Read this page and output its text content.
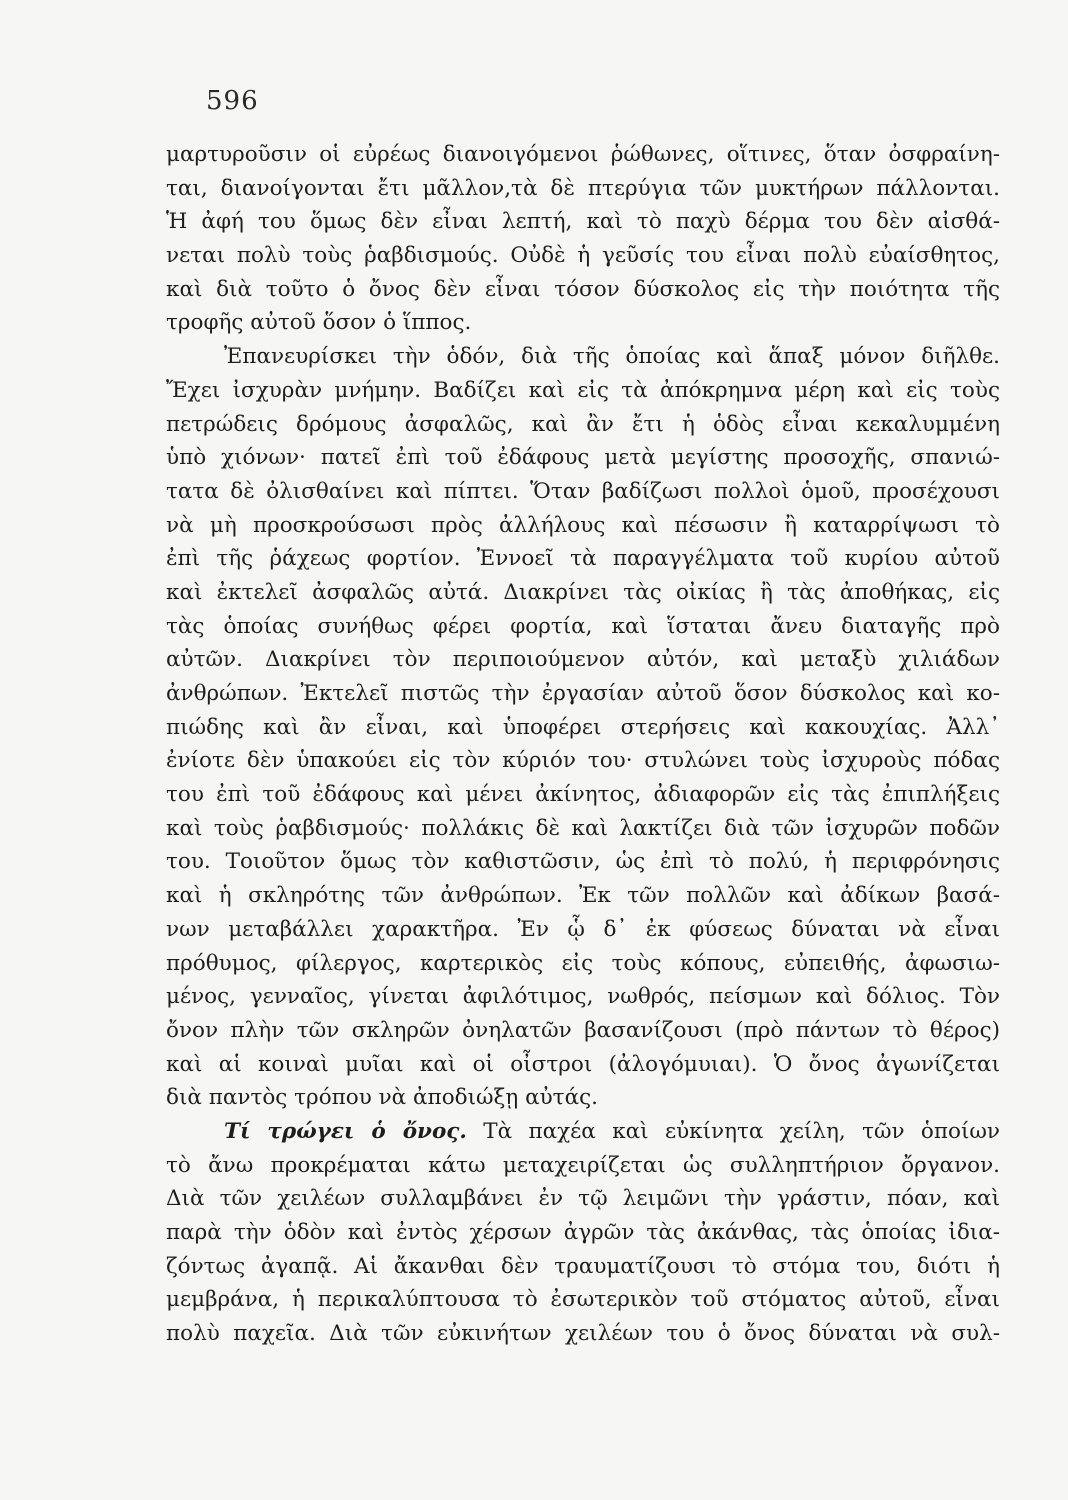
596
μαρτυροῦσιν οἱ εὐρέως διανοιγόμενοι ῥώθωνες, οἵτινες, ὅταν ὀσφραίνη-
ται, διανοίγονται ἔτι μᾶλλον,τὰ δὲ πτερύγια τῶν μυκτήρων πάλλονται.
Ἡ ἀφή του ὅμως δὲν εἶναι λεπτή, καὶ τὸ παχὺ δέρμα του δὲν αἰσθά-
νεται πολὺ τοὺς ῥαβδισμούς. Οὐδὲ ἡ γεῦσίς του εἶναι πολὺ εὐαίσθητος,
καὶ διὰ τοῦτο ὁ ὄνος δὲν εἶναι τόσον δύσκολος εἰς τὴν ποιότητα τῆς
τροφῆς αὐτοῦ ὅσον ὁ ἵππος.
Ἐπανευρίσκει τὴν ὁδόν, διὰ τῆς ὁποίας καὶ ἅπαξ μόνον διῆλθε.
Ἔχει ἰσχυρὰν μνήμην. Βαδίζει καὶ εἰς τὰ ἀπόκρημνα μέρη καὶ εἰς τοὺς
πετρώδεις δρόμους ἀσφαλῶς, καὶ ἂν ἔτι ἡ ὁδὸς εἶναι κεκαλυμμένη
ὑπὸ χιόνων· πατεῖ ἐπὶ τοῦ ἐδάφους μετὰ μεγίστης προσοχῆς, σπανιώ-
τατα δὲ ὀλισθαίνει καὶ πίπτει. Ὅταν βαδίζωσι πολλοὶ ὁμοῦ, προσέχουσι
νὰ μὴ προσκρούσωσι πρὸς ἀλλήλους καὶ πέσωσιν ἢ καταρρίψωσι τὸ
ἐπὶ τῆς ῥάχεως φορτίον. Ἐννοεῖ τὰ παραγγέλματα τοῦ κυρίου αὐτοῦ
καὶ ἐκτελεῖ ἀσφαλῶς αὐτά. Διακρίνει τὰς οἰκίας ἢ τὰς ἀποθήκας, εἰς
τὰς ὁποίας συνήθως φέρει φορτία, καὶ ἵσταται ἄνευ διαταγῆς πρὸ
αὐτῶν. Διακρίνει τὸν περιποιούμενον αὐτόν, καὶ μεταξὺ χιλιάδων
ἀνθρώπων. Ἐκτελεῖ πιστῶς τὴν ἐργασίαν αὐτοῦ ὅσον δύσκολος καὶ κο-
πιώδης καὶ ἂν εἶναι, καὶ ὑποφέρει στερήσεις καὶ κακουχίας. Ἀλλ᾿
ἐνίοτε δὲν ὑπακούει εἰς τὸν κύριόν του· στυλώνει τοὺς ἰσχυροὺς πόδας
του ἐπὶ τοῦ ἐδάφους καὶ μένει ἀκίνητος, ἀδιαφορῶν εἰς τὰς ἐπιπλήξεις
καὶ τοὺς ῥαβδισμούς· πολλάκις δὲ καὶ λακτίζει διὰ τῶν ἰσχυρῶν ποδῶν
του. Τοιοῦτον ὅμως τὸν καθιστῶσιν, ὡς ἐπὶ τὸ πολύ, ἡ περιφρόνησις
καὶ ἡ σκληρότης τῶν ἀνθρώπων. Ἐκ τῶν πολλῶν καὶ ἀδίκων βασά-
νων μεταβάλλει χαρακτῆρα. Ἐν ᾧ δ᾿ ἐκ φύσεως δύναται νὰ εἶναι
πρόθυμος, φίλεργος, καρτερικὸς εἰς τοὺς κόπους, εὐπειθής, ἀφωσιω-
μένος, γενναῖος, γίνεται ἀφιλότιμος, νωθρός, πείσμων καὶ δόλιος. Τὸν
ὄνον πλὴν τῶν σκληρῶν ὀνηλατῶν βασανίζουσι (πρὸ πάντων τὸ θέρος)
καὶ αἱ κοιναὶ μυῖαι καὶ οἱ οἶστροι (ἀλογόμυιαι). Ὁ ὄνος ἀγωνίζεται
διὰ παντὸς τρόπου νὰ ἀποδιώξῃ αὐτάς.
Τί τρώγει ὁ ὄνος. Τὰ παχέα καὶ εὐκίνητα χείλη, τῶν ὁποίων
τὸ ἄνω προκρέμαται κάτω μεταχειρίζεται ὡς συλληπτήριον ὄργανον.
Διὰ τῶν χειλέων συλλαμβάνει ἐν τῷ λειμῶνι τὴν γράστιν, πόαν, καὶ
παρὰ τὴν ὁδὸν καὶ ἐντὸς χέρσων ἀγρῶν τὰς ἀκάνθας, τὰς ὁποίας ἰδια-
ζόντως ἀγαπᾷ. Αἱ ἄκανθαι δὲν τραυματίζουσι τὸ στόμα του, διότι ἡ
μεμβράνα, ἡ περικαλύπτουσα τὸ ἐσωτερικὸν τοῦ στόματος αὐτοῦ, εἶναι
πολὺ παχεῖα. Διὰ τῶν εὐκινήτων χειλέων του ὁ ὄνος δύναται νὰ συλ-
